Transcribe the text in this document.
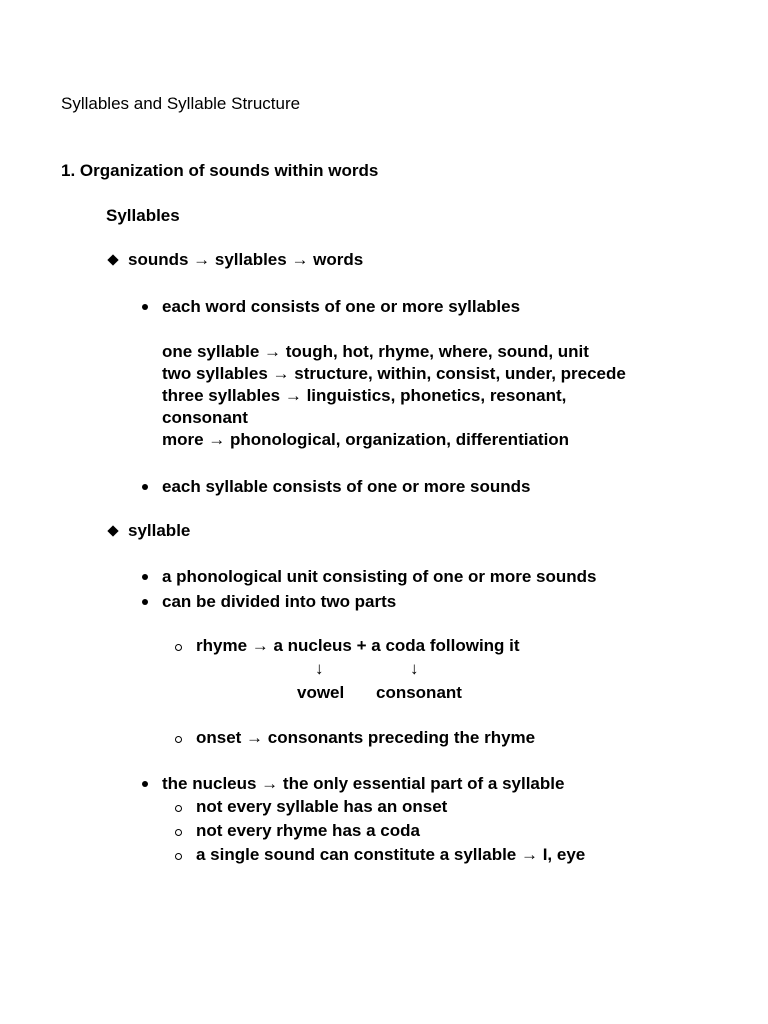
Syllables and Syllable Structure
1. Organization of sounds within words
Syllables
sounds → syllables → words
each word consists of one or more syllables
one syllable → tough, hot, rhyme, where, sound, unit
two syllables → structure, within, consist, under, precede
three syllables → linguistics, phonetics, resonant,
consonant
more → phonological, organization, differentiation
each syllable consists of one or more sounds
syllable
a phonological unit consisting of one or more sounds
can be divided into two parts
rhyme → a nucleus + a coda following it
↓	↓
vowel consonant
onset → consonants preceding the rhyme
the nucleus → the only essential part of a syllable
not every syllable has an onset
not every rhyme has a coda
a single sound can constitute a syllable → I, eye
